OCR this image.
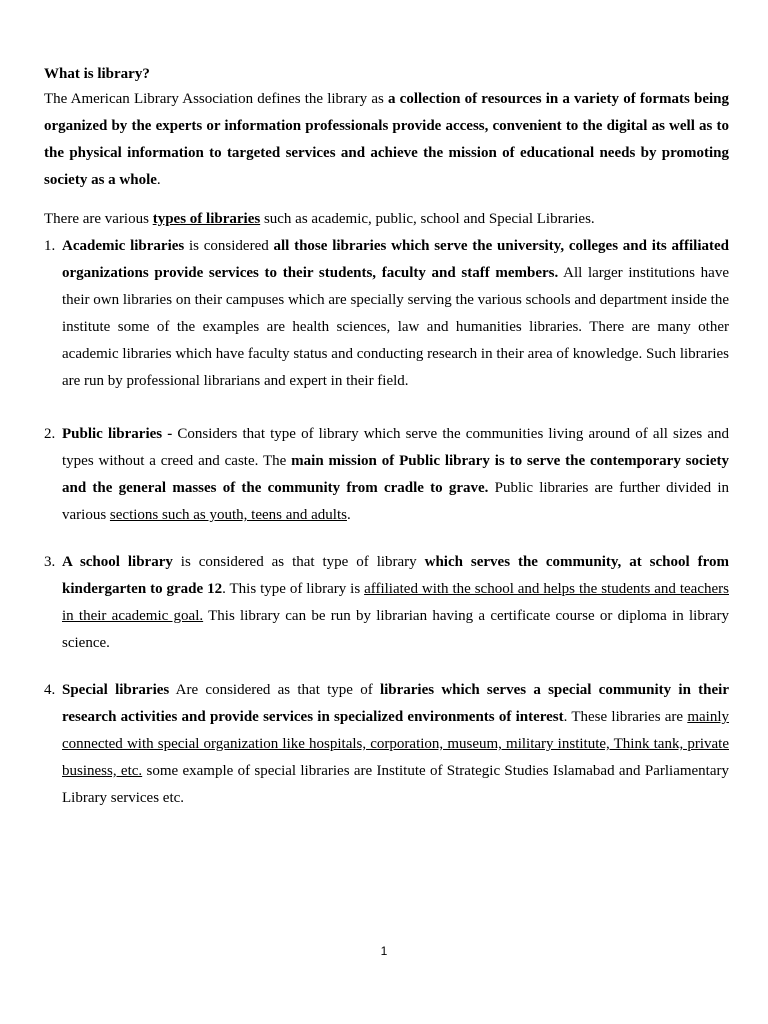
What is library?

The American Library Association defines the library as a collection of resources in a variety of formats being organized by the experts or information professionals provide access, convenient to the digital as well as to the physical information to targeted services and achieve the mission of educational needs by promoting society as a whole.

There are various types of libraries such as academic, public, school and Special Libraries.

1. Academic libraries is considered all those libraries which serve the university, colleges and its affiliated organizations provide services to their students, faculty and staff members. All larger institutions have their own libraries on their campuses which are specially serving the various schools and department inside the institute some of the examples are health sciences, law and humanities libraries. There are many other academic libraries which have faculty status and conducting research in their area of knowledge. Such libraries are run by professional librarians and expert in their field.
2. Public libraries - Considers that type of library which serve the communities living around of all sizes and types without a creed and caste. The main mission of Public library is to serve the contemporary society and the general masses of the community from cradle to grave. Public libraries are further divided in various sections such as youth, teens and adults.
3. A school library is considered as that type of library which serves the community, at school from kindergarten to grade 12. This type of library is affiliated with the school and helps the students and teachers in their academic goal. This library can be run by librarian having a certificate course or diploma in library science.
4. Special libraries Are considered as that type of libraries which serves a special community in their research activities and provide services in specialized environments of interest. These libraries are mainly connected with special organization like hospitals, corporation, museum, military institute, Think tank, private business, etc. some example of special libraries are Institute of Strategic Studies Islamabad and Parliamentary Library services etc.
1
